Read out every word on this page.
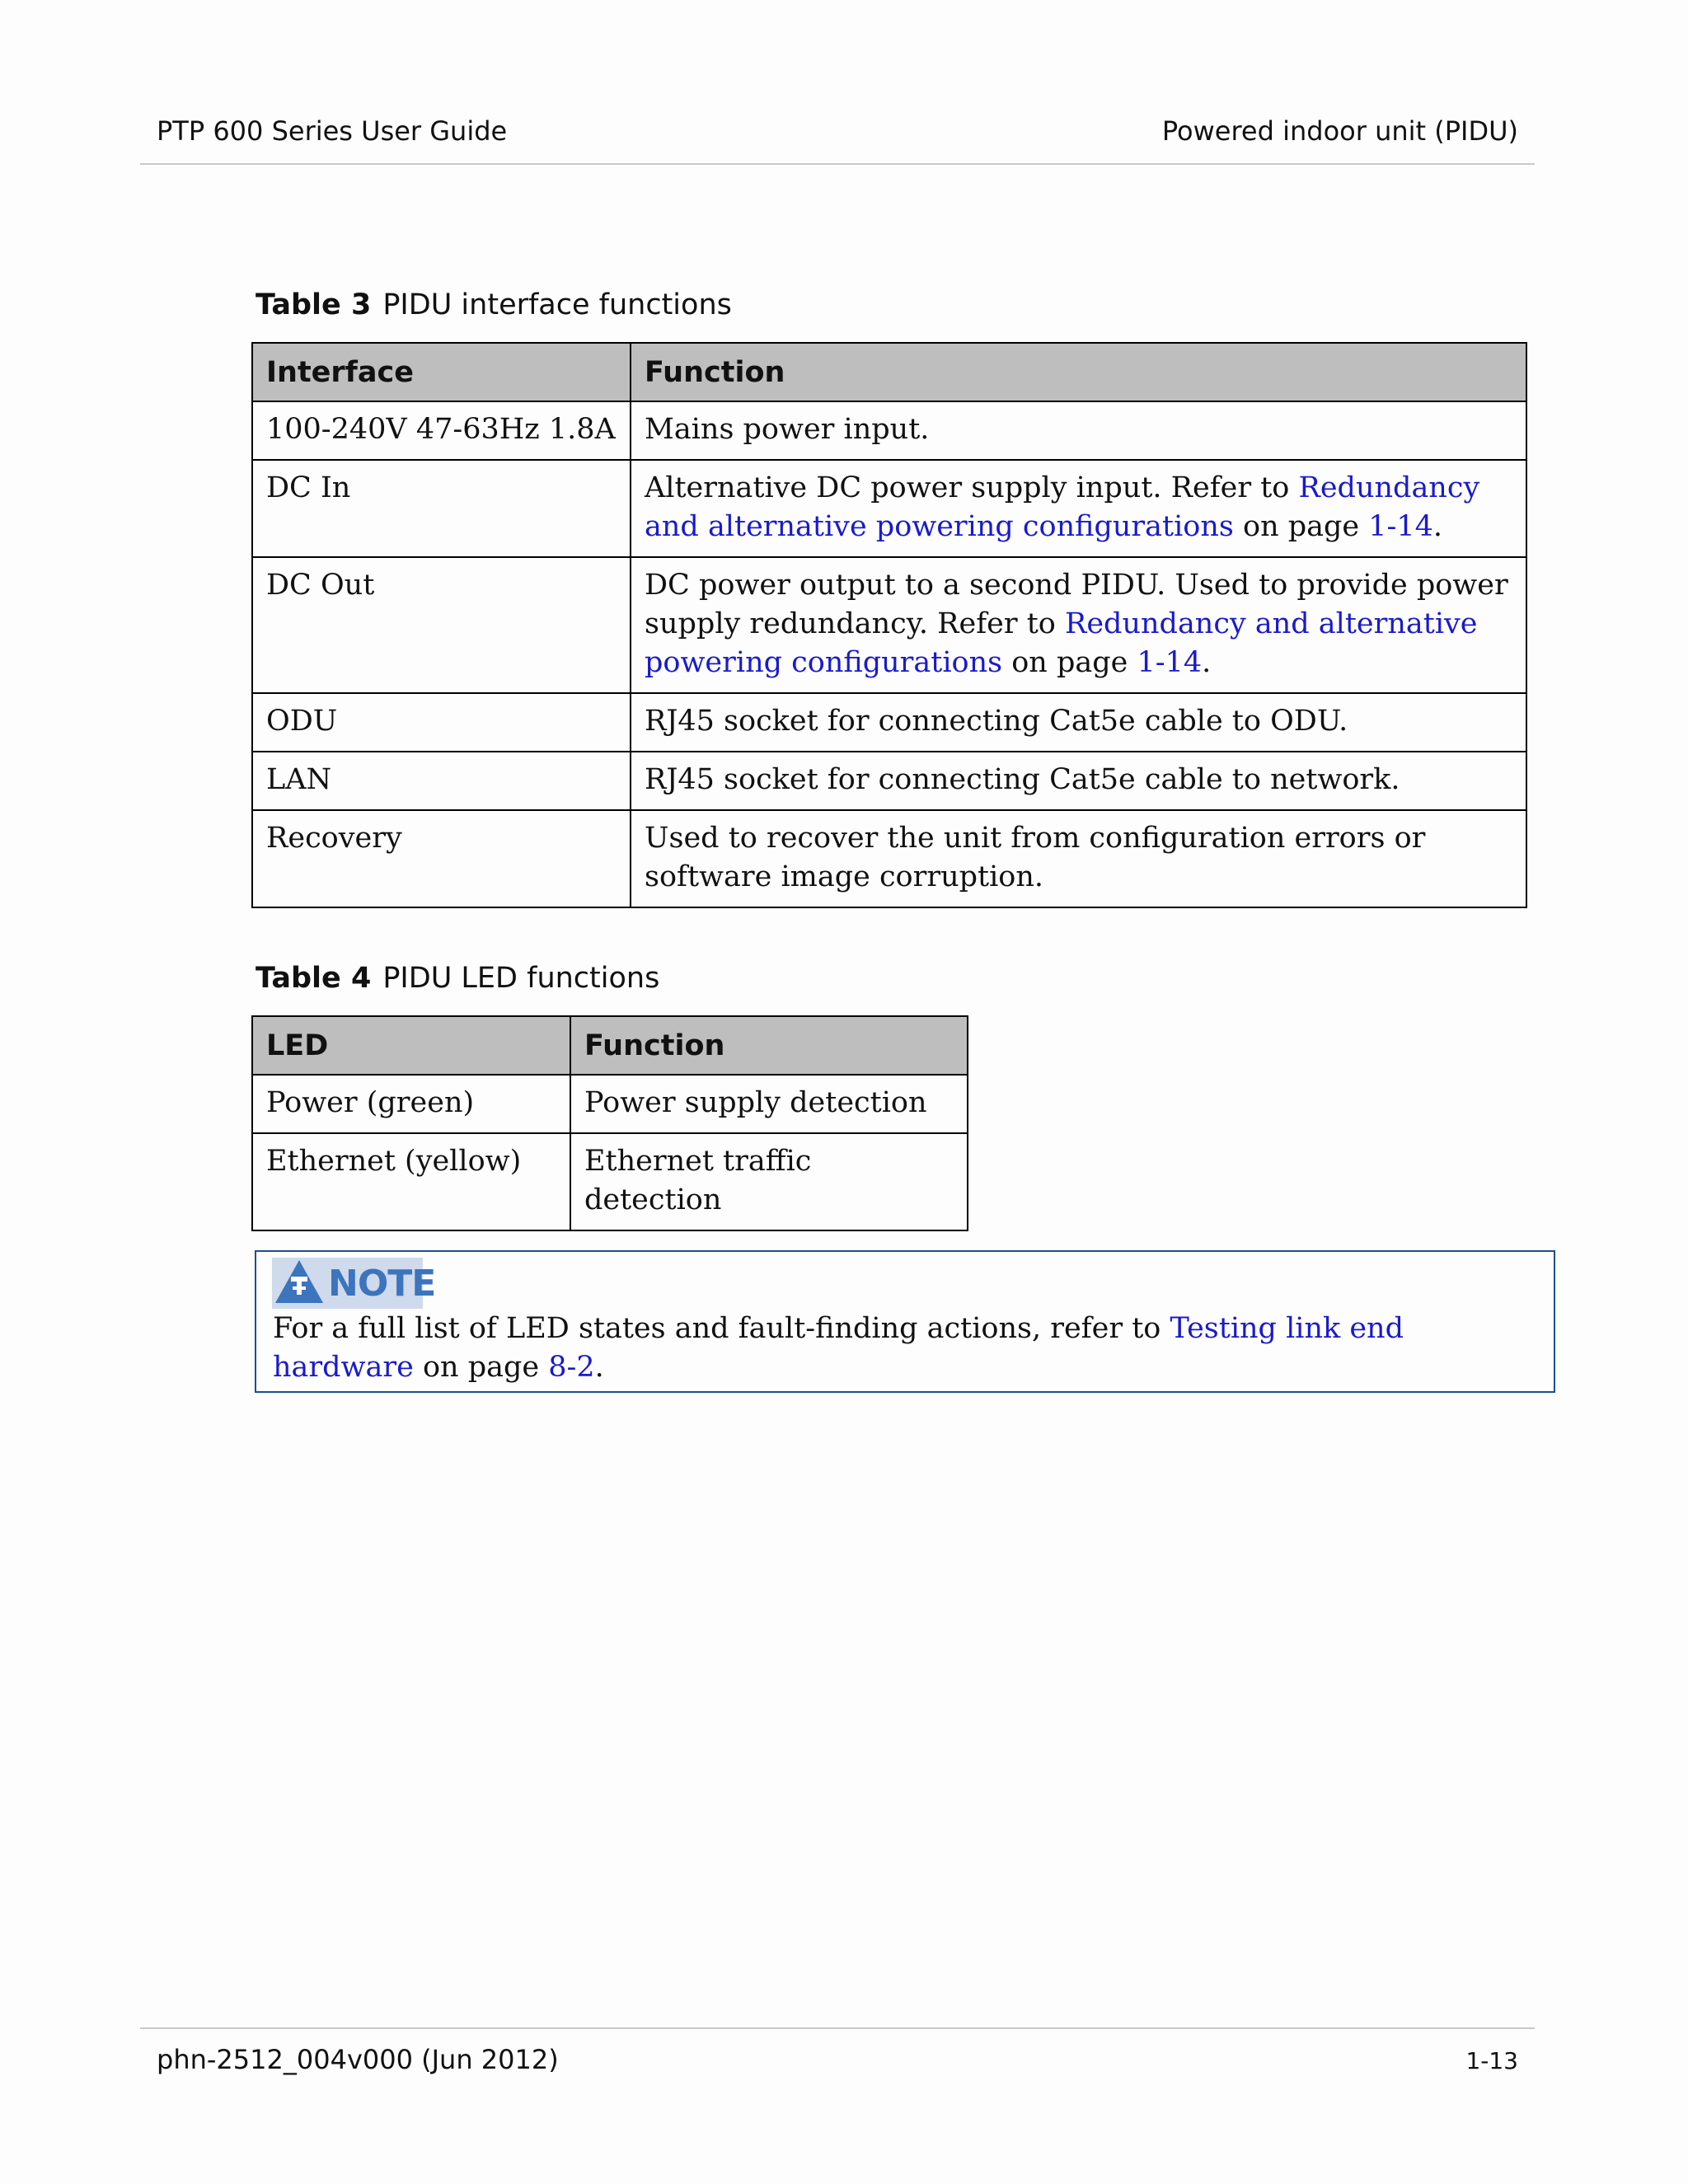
PTP 600 Series User Guide	Powered indoor unit (PIDU)
Table 3 PIDU interface functions
Interface	Function
100-240V 47-63Hz 1.8A	Mains power input.
DC In	Alternative DC power supply input. Refer to Redundancy and alternative powering configurations on page 1-14.
DC Out	DC power output to a second PIDU. Used to provide power supply redundancy. Refer to Redundancy and alternative powering configurations on page 1-14.
ODU	RJ45 socket for connecting Cat5e cable to ODU.
LAN	RJ45 socket for connecting Cat5e cable to network.
Recovery	Used to recover the unit from configuration errors or software image corruption.
Table 4 PIDU LED functions
LED	Function
Power (green)	Power supply detection
Ethernet (yellow)	Ethernet traffic detection
NOTE
For a full list of LED states and fault-finding actions, refer to Testing link end hardware on page 8-2.
phn-2512_004v000 (Jun 2012)	1-13
